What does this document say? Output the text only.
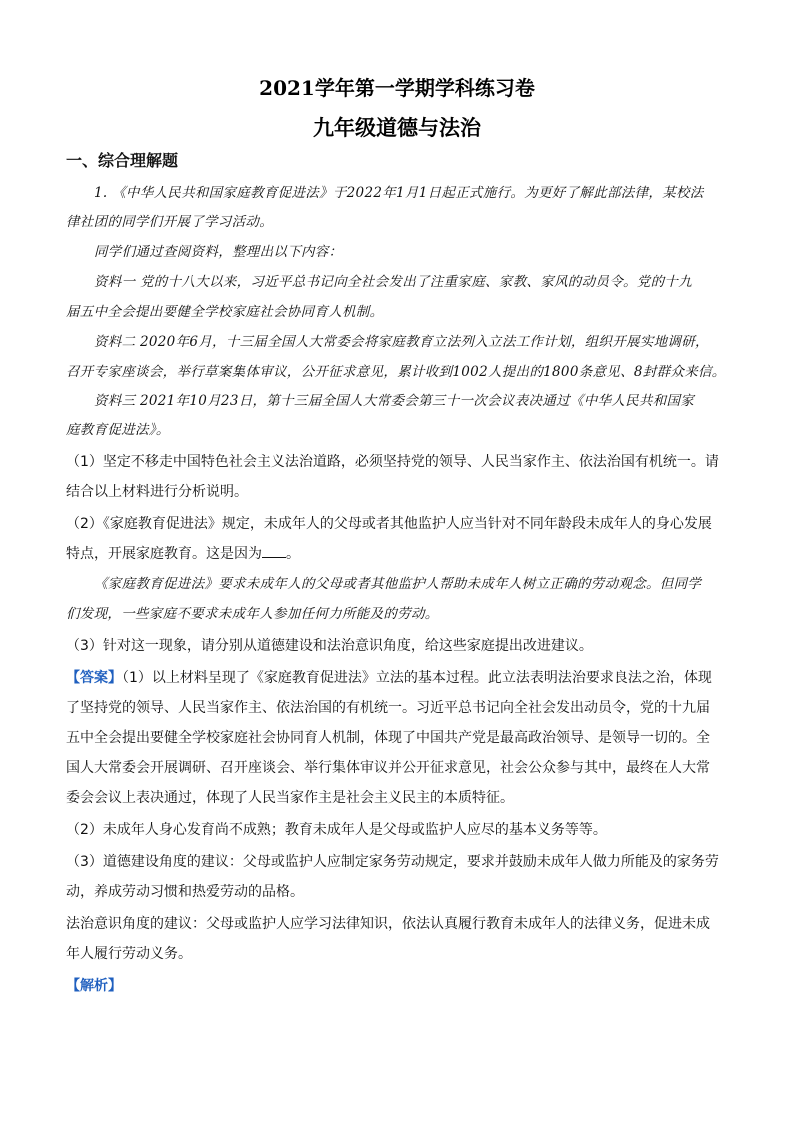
2021学年第一学期学科练习卷
九年级道德与法治
一、综合理解题
1. 《中华人民共和国家庭教育促进法》于2022年1月1日起正式施行。为更好了解此部法律，某校法
律社团的同学们开展了学习活动。
同学们通过查阅资料，整理出以下内容：
资料一 党的十八大以来，习近平总书记向全社会发出了注重家庭、家教、家风的动员令。党的十九
届五中全会提出要健全学校家庭社会协同育人机制。
资料二 2020年6月，十三届全国人大常委会将家庭教育立法列入立法工作计划，组织开展实地调研，
召开专家座谈会，举行草案集体审议，公开征求意见，累计收到1002人提出的1800条意见、8封群众来信。
资料三 2021年10月23日，第十三届全国人大常委会第三十一次会议表决通过《中华人民共和国家
庭教育促进法》。
（1）坚定不移走中国特色社会主义法治道路，必须坚持党的领导、人民当家作主、依法治国有机统一。请
结合以上材料进行分析说明。
（2）《家庭教育促进法》规定，未成年人的父母或者其他监护人应当针对不同年龄段未成年人的身心发展
特点，开展家庭教育。这是因为 。
《家庭教育促进法》要求未成年人的父母或者其他监护人帮助未成年人树立正确的劳动观念。但同学
们发现，一些家庭不要求未成年人参加任何力所能及的劳动。
（3）针对这一现象，请分别从道德建设和法治意识角度，给这些家庭提出改进建议。
【答案】（1）以上材料呈现了《家庭教育促进法》立法的基本过程。此立法表明法治要求良法之治，体现
了坚持党的领导、人民当家作主、依法治国的有机统一。习近平总书记向全社会发出动员令，党的十九届
五中全会提出要健全学校家庭社会协同育人机制，体现了中国共产党是最高政治领导、是领导一切的。全
国人大常委会开展调研、召开座谈会、举行集体审议并公开征求意见，社会公众参与其中，最终在人大常
委会会议上表决通过，体现了人民当家作主是社会主义民主的本质特征。
（2）未成年人身心发育尚不成熟；教育未成年人是父母或监护人应尽的基本义务等等。
（3）道德建设角度的建议：父母或监护人应制定家务劳动规定，要求并鼓励未成年人做力所能及的家务劳
动，养成劳动习惯和热爱劳动的品格。
法治意识角度的建议：父母或监护人应学习法律知识，依法认真履行教育未成年人的法律义务，促进未成
年人履行劳动义务。
【解析】
